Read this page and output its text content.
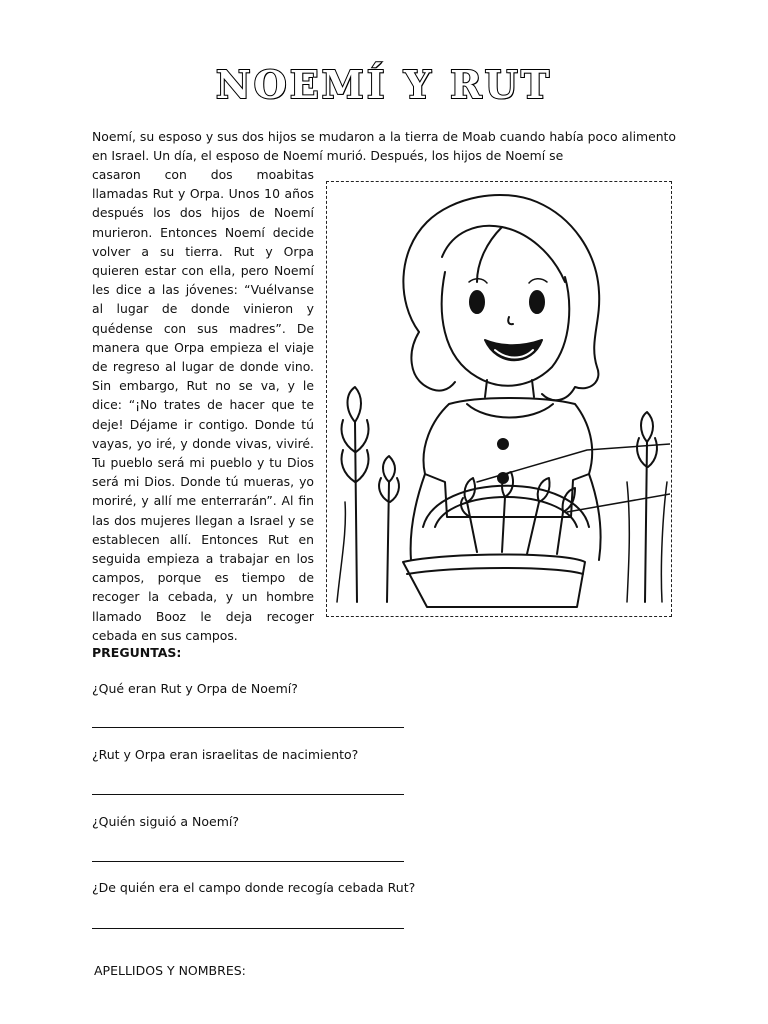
NOEMÍ Y RUT

Noemí, su esposo y sus dos hijos se mudaron a la tierra de Moab cuando había poco alimento en Israel. Un día, el esposo de Noemí murió. Después, los hijos de Noemí se

casaron con dos moabitas llamadas Rut y Orpa. Unos 10 años después los dos hijos de Noemí murieron. Entonces Noemí decide volver a su tierra. Rut y Orpa quieren estar con ella, pero Noemí les dice a las jóvenes: “Vuélvanse al lugar de donde vinieron y quédense con sus madres”. De manera que Orpa empieza el viaje de regreso al lugar de donde vino. Sin embargo, Rut no se va, y le dice: “¡No trates de hacer que te deje! Déjame ir contigo. Donde tú vayas, yo iré, y donde vivas, viviré. Tu pueblo será mi pueblo y tu Dios será mi Dios. Donde tú mueras, yo moriré, y allí me enterrarán”. Al fin las dos mujeres llegan a Israel y se establecen allí. Entonces Rut en seguida empieza a trabajar en los campos, porque es tiempo de recoger la cebada, y un hombre llamado Booz le deja recoger cebada en sus campos.

PREGUNTAS:
¿Qué eran Rut y Orpa de Noemí?
¿Rut y Orpa eran israelitas de nacimiento?
¿Quién siguió a Noemí?
¿De quién era el campo donde recogía cebada Rut?
APELLIDOS Y NOMBRES:
